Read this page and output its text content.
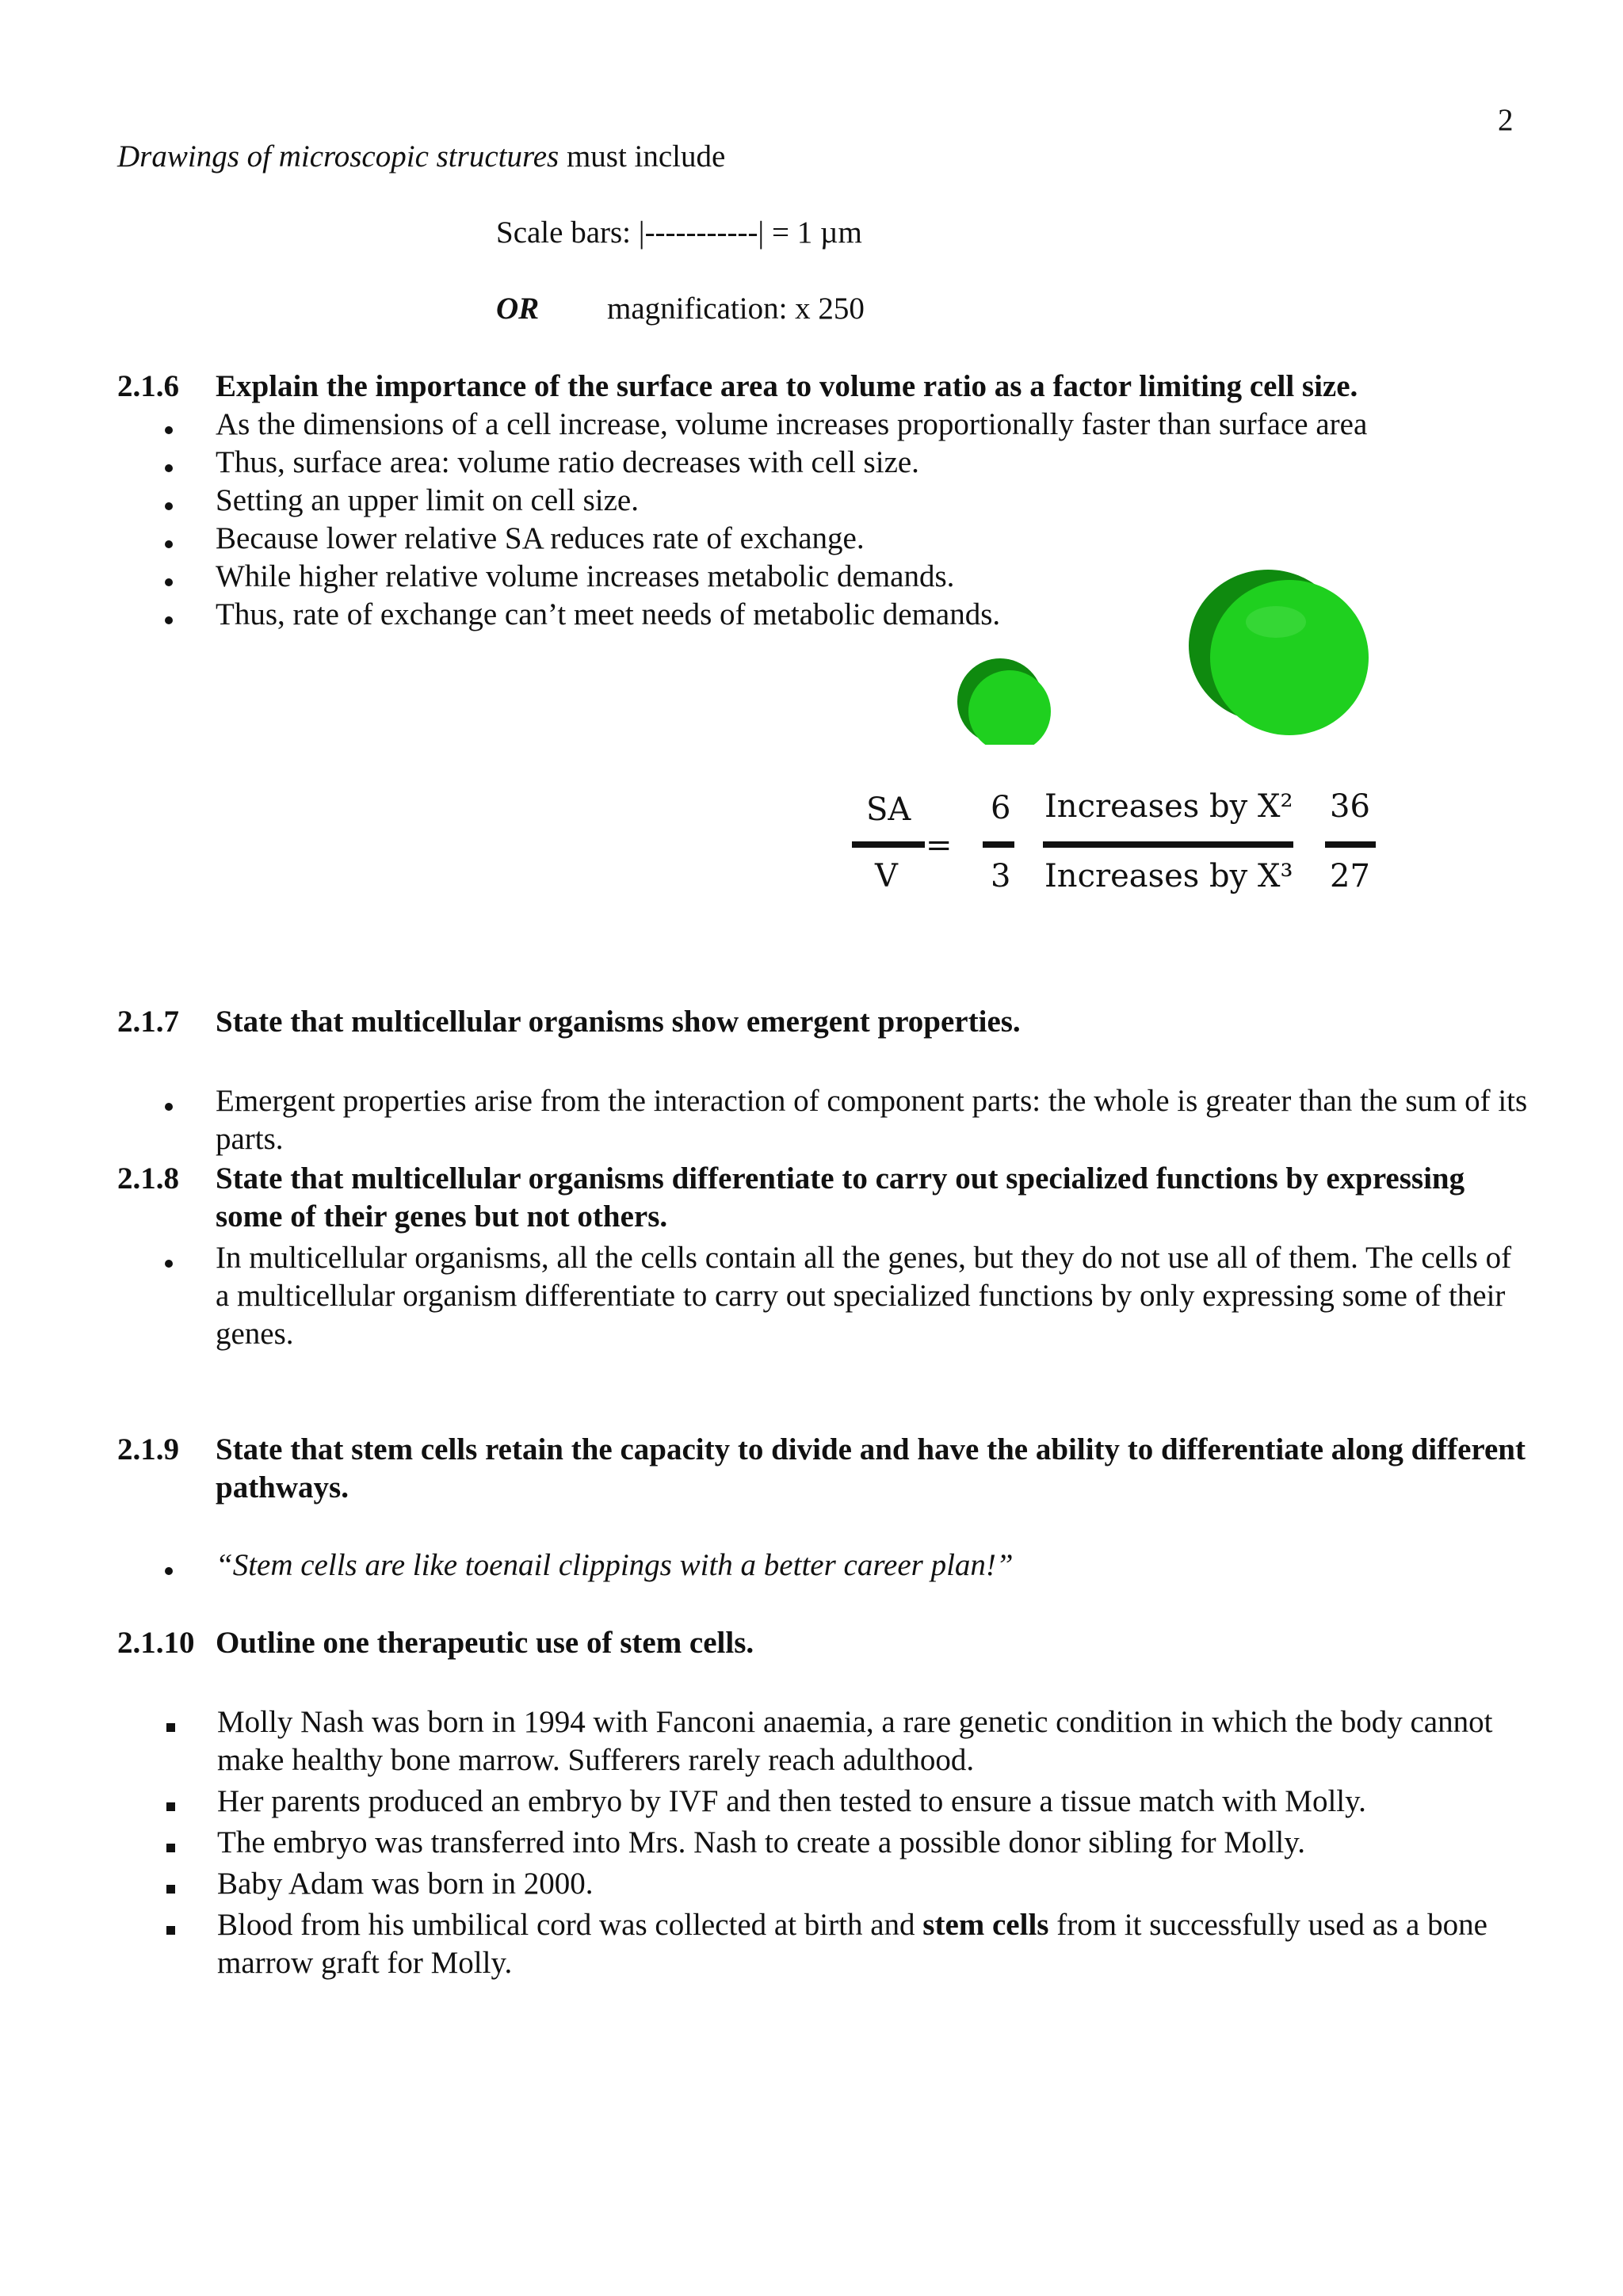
2
Drawings of microscopic structures must include
Scale bars: |-----------| = 1 µm
OR magnification: x 250
2.1.6 Explain the importance of the surface area to volume ratio as a factor limiting cell size.
As the dimensions of a cell increase, volume increases proportionally faster than surface area
Thus, surface area: volume ratio decreases with cell size.
Setting an upper limit on cell size.
Because lower relative SA reduces rate of exchange.
While higher relative volume increases metabolic demands.
Thus, rate of exchange can’t meet needs of metabolic demands.
SA
V
=
6
3
Increases by X²
Increases by X³
36
27
2.1.7 State that multicellular organisms show emergent properties.
Emergent properties arise from the interaction of component parts: the whole is greater than the sum of its parts.
2.1.8 State that multicellular organisms differentiate to carry out specialized functions by expressing some of their genes but not others.
In multicellular organisms, all the cells contain all the genes, but they do not use all of them. The cells of a multicellular organism differentiate to carry out specialized functions by only expressing some of their genes.
2.1.9 State that stem cells retain the capacity to divide and have the ability to differentiate along different pathways.
“Stem cells are like toenail clippings with a better career plan!”
2.1.10 Outline one therapeutic use of stem cells.
Molly Nash was born in 1994 with Fanconi anaemia, a rare genetic condition in which the body cannot make healthy bone marrow. Sufferers rarely reach adulthood.
Her parents produced an embryo by IVF and then tested to ensure a tissue match with Molly.
The embryo was transferred into Mrs. Nash to create a possible donor sibling for Molly.
Baby Adam was born in 2000.
Blood from his umbilical cord was collected at birth and stem cells from it successfully used as a bone marrow graft for Molly.
